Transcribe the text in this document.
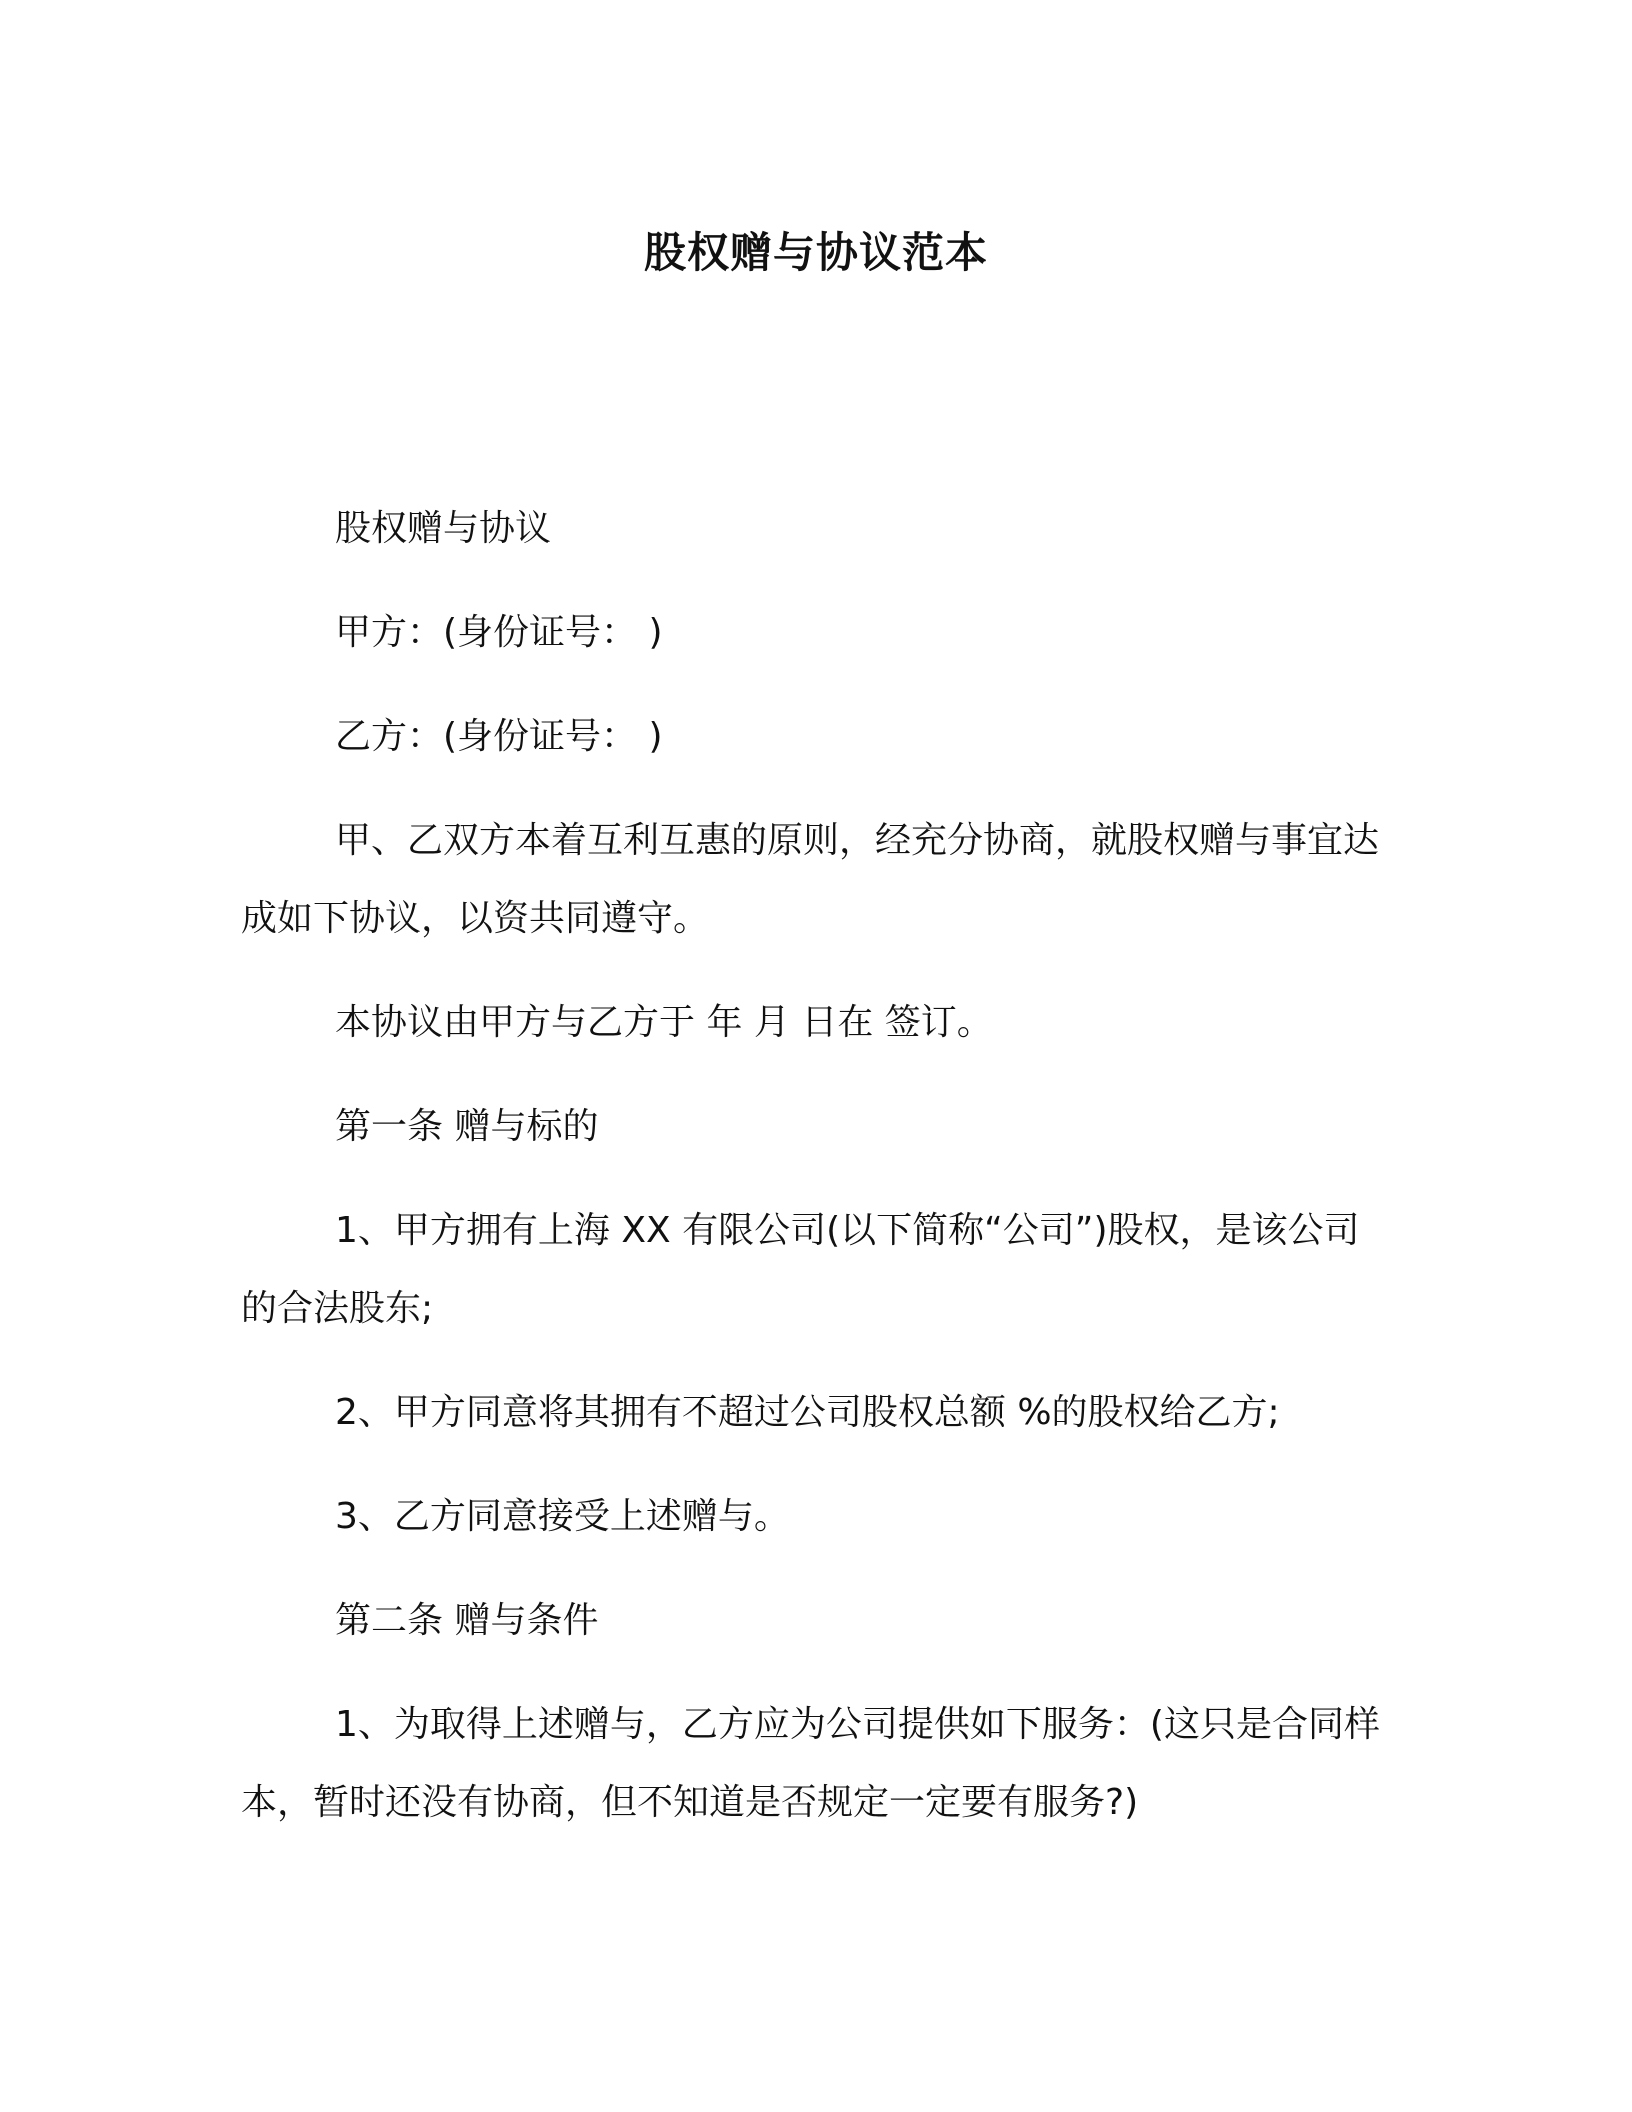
股权赠与协议范本

股权赠与协议

甲方：(身份证号： )

乙方：(身份证号： )

甲、乙双方本着互利互惠的原则，经充分协商，就股权赠与事宜达成如下协议，以资共同遵守。

本协议由甲方与乙方于 年 月 日在 签订。

第一条 赠与标的

1、甲方拥有上海 XX 有限公司(以下简称“公司”)股权，是该公司的合法股东;

2、甲方同意将其拥有不超过公司股权总额 %的股权给乙方;

3、乙方同意接受上述赠与。

第二条 赠与条件

1、为取得上述赠与，乙方应为公司提供如下服务：(这只是合同样本，暂时还没有协商，但不知道是否规定一定要有服务?)
